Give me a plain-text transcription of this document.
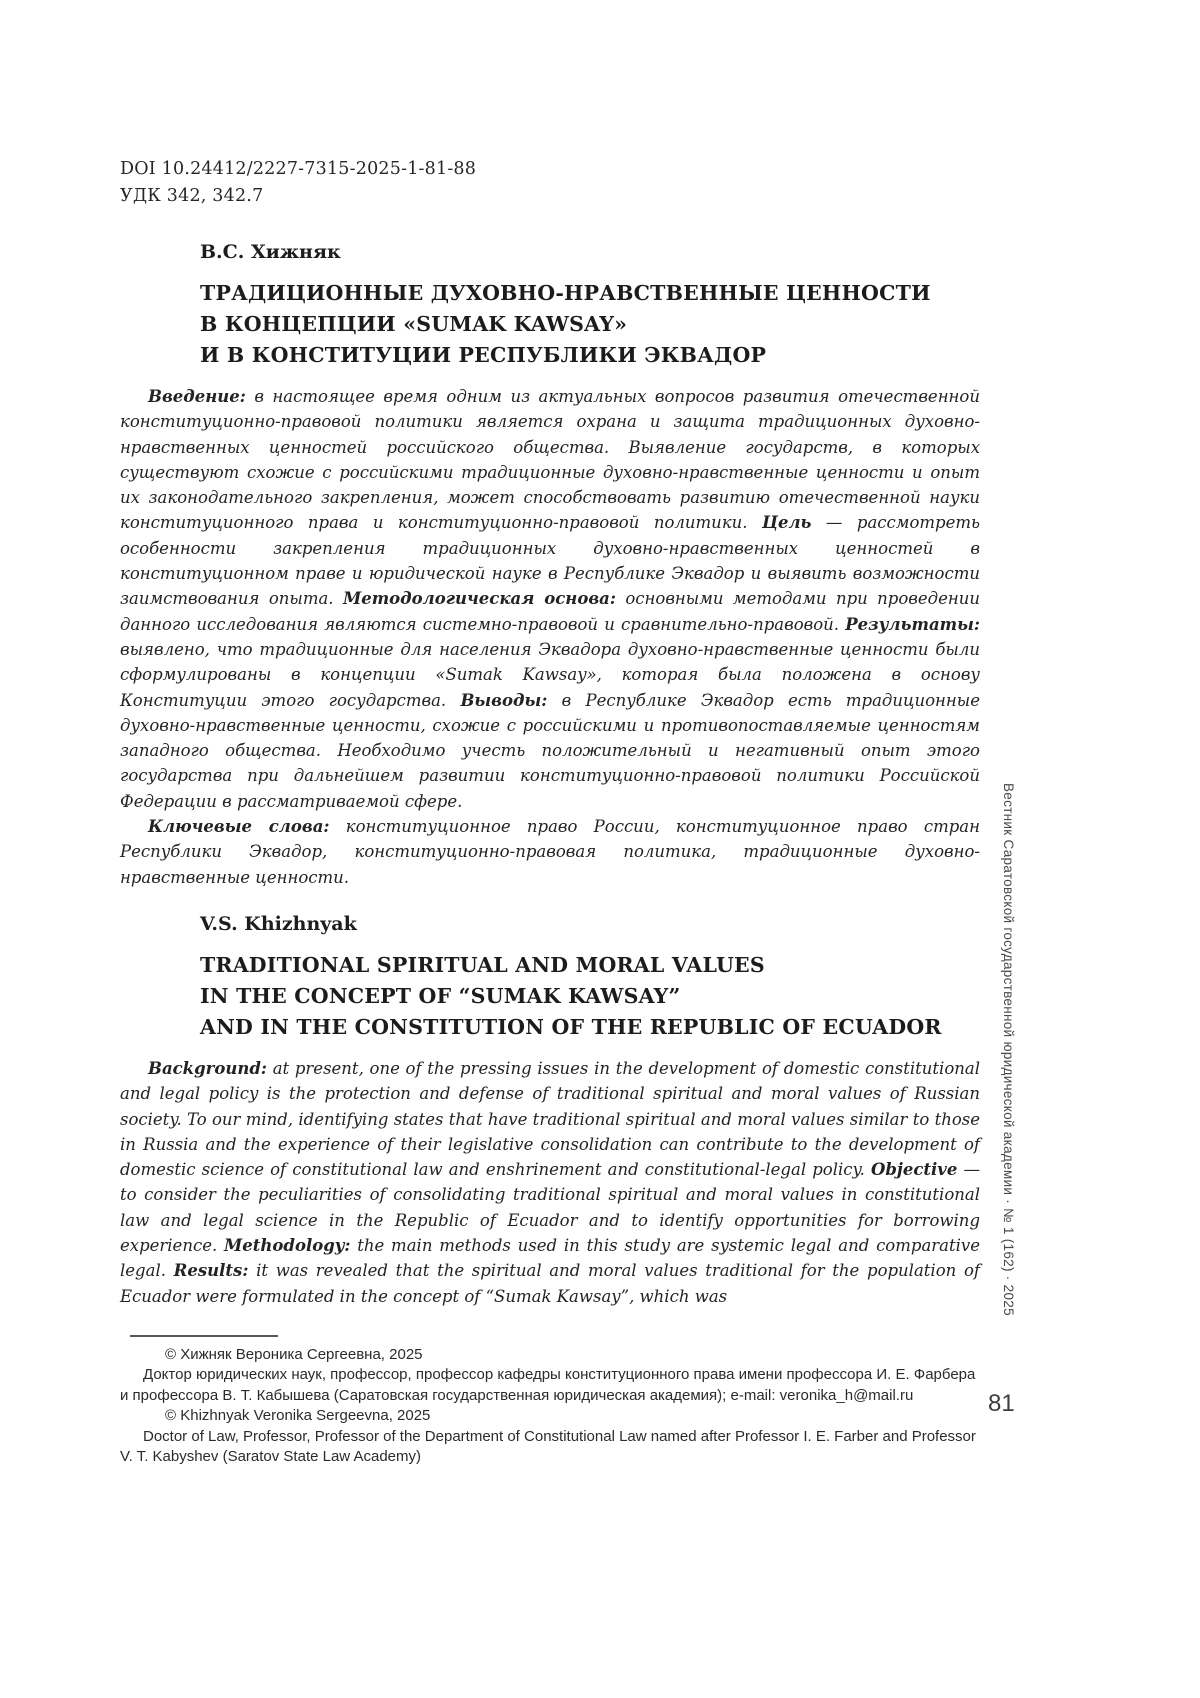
DOI 10.24412/2227-7315-2025-1-81-88
УДК 342, 342.7
В.С. Хижняк
ТРАДИЦИОННЫЕ ДУХОВНО-НРАВСТВЕННЫЕ ЦЕННОСТИ
В КОНЦЕПЦИИ «SUMAK KAWSAY»
И В КОНСТИТУЦИИ РЕСПУБЛИКИ ЭКВАДОР

Введение: в настоящее время одним из актуальных вопросов развития отечественной конституционно-правовой политики является охрана и защита традиционных духовно-нравственных ценностей российского общества. Выявление государств, в которых существуют схожие с российскими традиционные духовно-нравственные ценности и опыт их законодательного закрепления, может способствовать развитию отечественной науки конституционного права и конституционно-правовой политики. Цель — рассмотреть особенности закрепления традиционных духовно-нравственных ценностей в конституционном праве и юридической науке в Республике Эквадор и выявить возможности заимствования опыта. Методологическая основа: основными методами при проведении данного исследования являются системно-правовой и сравнительно-правовой. Результаты: выявлено, что традиционные для населения Эквадора духовно-нравственные ценности были сформулированы в концепции «Sumak Kawsay», которая была положена в основу Конституции этого государства. Выводы: в Республике Эквадор есть традиционные духовно-нравственные ценности, схожие с российскими и противопоставляемые ценностям западного общества. Необходимо учесть положительный и негативный опыт этого государства при дальнейшем развитии конституционно-правовой политики Российской Федерации в рассматриваемой сфере.

Ключевые слова: конституционное право России, конституционное право стран Республики Эквадор, конституционно-правовая политика, традиционные духовно-нравственные ценности.

V.S. Khizhnyak
TRADITIONAL SPIRITUAL AND MORAL VALUES
IN THE CONCEPT OF “SUMAK KAWSAY”
AND IN THE CONSTITUTION OF THE REPUBLIC OF ECUADOR

Background: at present, one of the pressing issues in the development of domestic constitutional and legal policy is the protection and defense of traditional spiritual and moral values of Russian society. To our mind, identifying states that have traditional spiritual and moral values similar to those in Russia and the experience of their legislative consolidation can contribute to the development of domestic science of constitutional law and enshrinement and constitutional-legal policy. Objective — to consider the peculiarities of consolidating traditional spiritual and moral values in constitutional law and legal science in the Republic of Ecuador and to identify opportunities for borrowing experience. Methodology: the main methods used in this study are systemic legal and comparative legal. Results: it was revealed that the spiritual and moral values traditional for the population of Ecuador were formulated in the concept of “Sumak Kawsay”, which was

© Хижняк Вероника Сергеевна, 2025

Доктор юридических наук, профессор, профессор кафедры конституционного права имени профессора И. Е. Фарбера и профессора В. Т. Кабышева (Саратовская государственная юридическая академия); e-mail: veronika_h@mail.ru

© Khizhnyak Veronika Sergeevna, 2025

Doctor of Law, Professor, Professor of the Department of Constitutional Law named after Professor I. E. Farber and Professor V. T. Kabyshev (Saratov State Law Academy)

Вестник Саратовской государственной юридической академии · № 1 (162) · 2025
81
